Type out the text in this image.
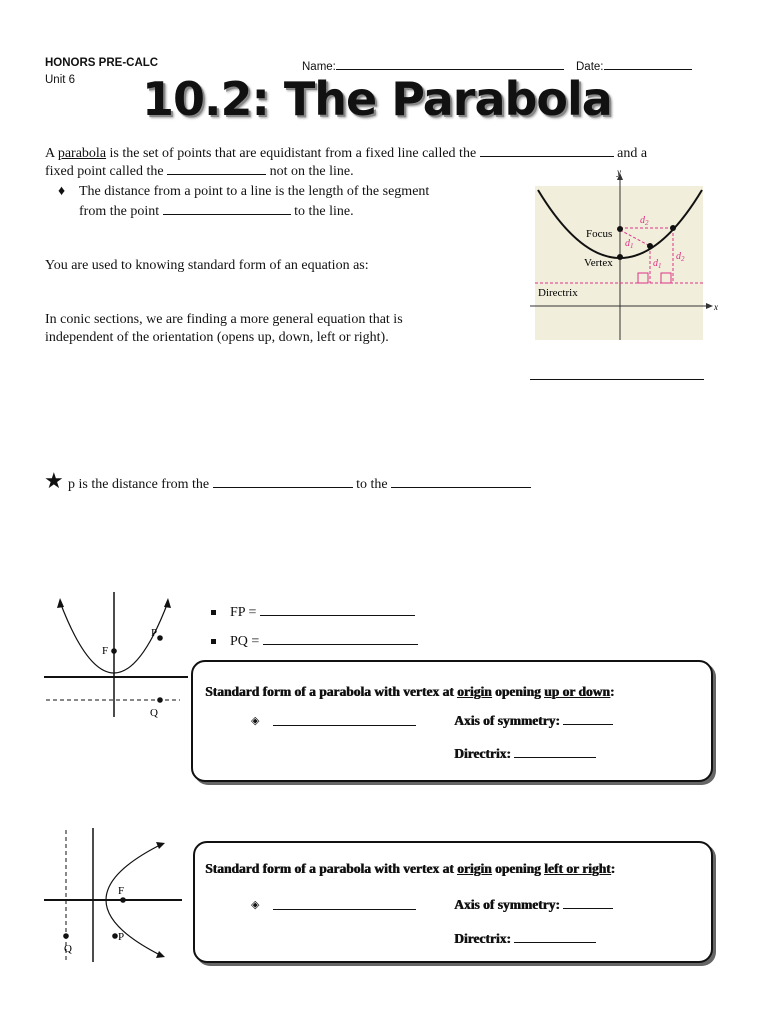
HONORS PRE-CALC
Unit 6
Name:	Date:
10.2: The Parabola
A parabola is the set of points that are equidistant from a fixed line called the	and a
fixed point called the	not on the line.
♦ The distance from a point to a line is the length of the segment
from the point	to the line.
You are used to knowing standard form of an equation as:
In conic sections, we are finding a more general equation that is
independent of the orientation (opens up, down, left or right).
y
x
Focus
Vertex
Directrix
$d_2$
$d_1$
$d_1$
$d_2$
★ p is the distance from the	to the
P
F
Q
FP =
PQ =
Standard form of a parabola with vertex at origin opening up or down:
◈	Axis of symmetry:
Directrix:
F
P
Q
Standard form of a parabola with vertex at origin opening left or right:
◈	Axis of symmetry:
Directrix:
